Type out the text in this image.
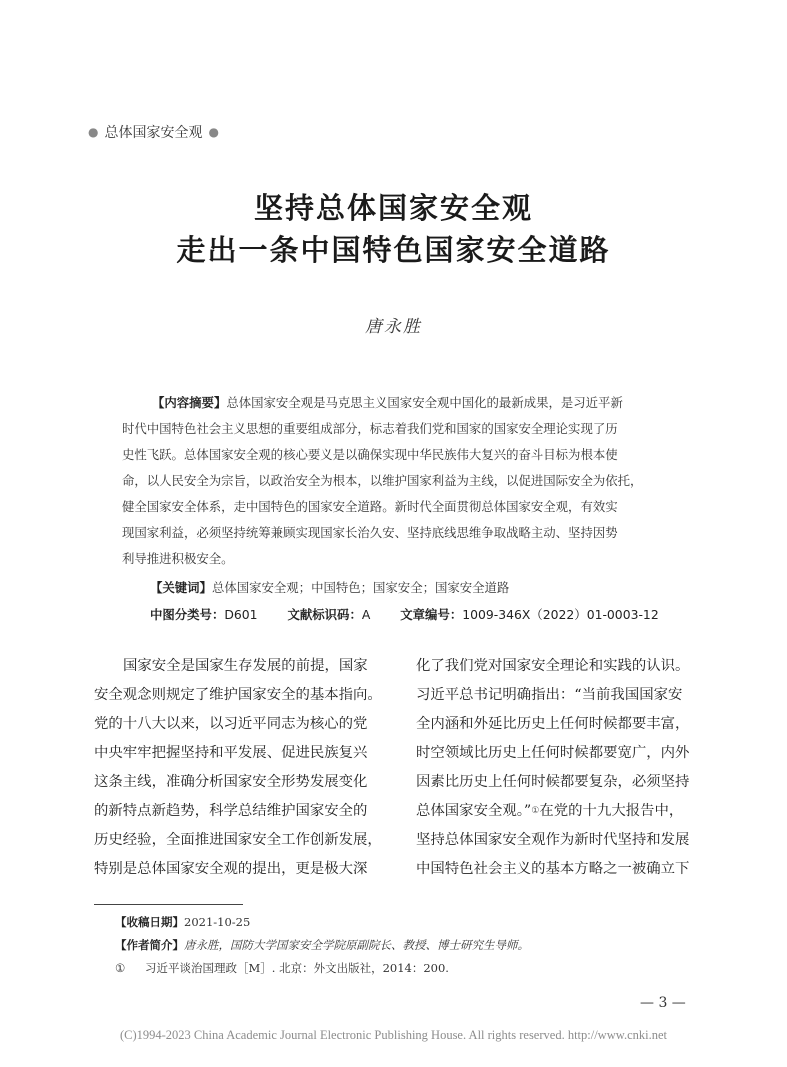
● 总体国家安全观 ●
坚持总体国家安全观
走出一条中国特色国家安全道路
唐永胜
【内容摘要】总体国家安全观是马克思主义国家安全观中国化的最新成果，是习近平新
时代中国特色社会主义思想的重要组成部分，标志着我们党和国家的国家安全理论实现了历
史性飞跃。总体国家安全观的核心要义是以确保实现中华民族伟大复兴的奋斗目标为根本使
命，以人民安全为宗旨，以政治安全为根本，以维护国家利益为主线，以促进国际安全为依托，
健全国家安全体系，走中国特色的国家安全道路。新时代全面贯彻总体国家安全观，有效实
现国家利益，必须坚持统筹兼顾实现国家长治久安、坚持底线思维争取战略主动、坚持因势
利导推进积极安全。
【关键词】总体国家安全观；中国特色；国家安全；国家安全道路
中图分类号：D601 文献标识码：A 文章编号：1009-346X（2022）01-0003-12
国家安全是国家生存发展的前提，国家
安全观念则规定了维护国家安全的基本指向。
党的十八大以来，以习近平同志为核心的党
中央牢牢把握坚持和平发展、促进民族复兴
这条主线，准确分析国家安全形势发展变化
的新特点新趋势，科学总结维护国家安全的
历史经验，全面推进国家安全工作创新发展，
特别是总体国家安全观的提出，更是极大深
化了我们党对国家安全理论和实践的认识。
习近平总书记明确指出：“当前我国国家安
全内涵和外延比历史上任何时候都要丰富，
时空领域比历史上任何时候都要宽广，内外
因素比历史上任何时候都要复杂，必须坚持
总体国家安全观。”①在党的十九大报告中，
坚持总体国家安全观作为新时代坚持和发展
中国特色社会主义的基本方略之一被确立下
【收稿日期】2021-10-25
【作者简介】唐永胜，国防大学国家安全学院原副院长、教授、博士研究生导师。
① 习近平谈治国理政［M］. 北京：外文出版社，2014：200.
— 3 —
(C)1994-2023 China Academic Journal Electronic Publishing House. All rights reserved. http://www.cnki.net
